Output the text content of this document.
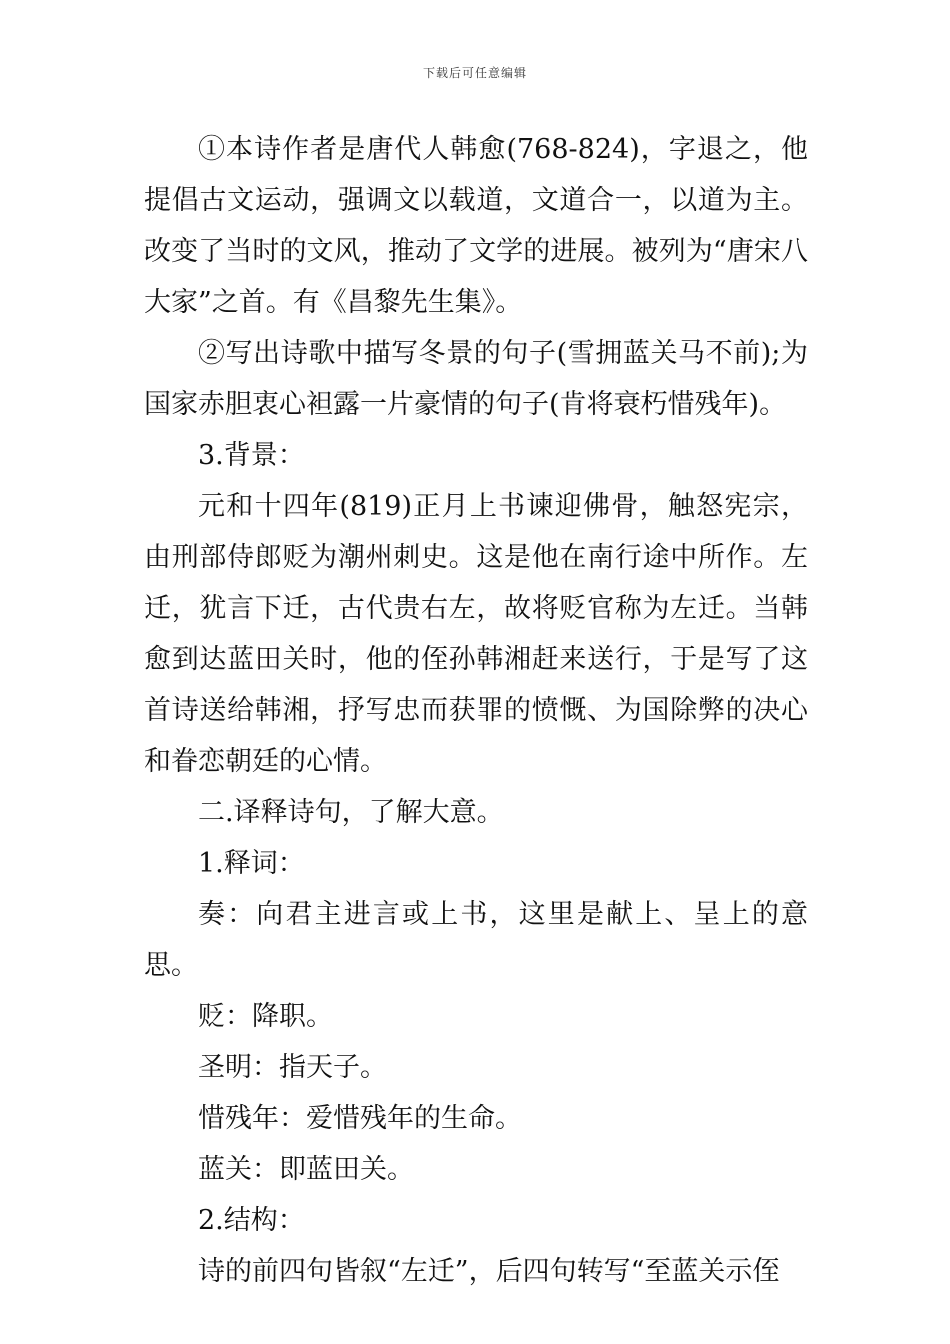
下载后可任意编辑

①本诗作者是唐代人韩愈(768-824)，字退之，他提倡古文运动，强调文以载道，文道合一，以道为主。改变了当时的文风，推动了文学的进展。被列为“唐宋八大家”之首。有《昌黎先生集》。

②写出诗歌中描写冬景的句子(雪拥蓝关马不前);为国家赤胆衷心袒露一片豪情的句子(肯将衰朽惜残年)。

3.背景：

元和十四年(819)正月上书谏迎佛骨，触怒宪宗，由刑部侍郎贬为潮州刺史。这是他在南行途中所作。左迁，犹言下迁，古代贵右左，故将贬官称为左迁。当韩愈到达蓝田关时，他的侄孙韩湘赶来送行，于是写了这首诗送给韩湘，抒写忠而获罪的愤慨、为国除弊的决心和眷恋朝廷的心情。

二.译释诗句，了解大意。

1.释词：

奏：向君主进言或上书，这里是献上、呈上的意思。

贬：降职。

圣明：指天子。

惜残年：爱惜残年的生命。

蓝关：即蓝田关。

2.结构：

诗的前四句皆叙“左迁”，后四句转写“至蓝关示侄
